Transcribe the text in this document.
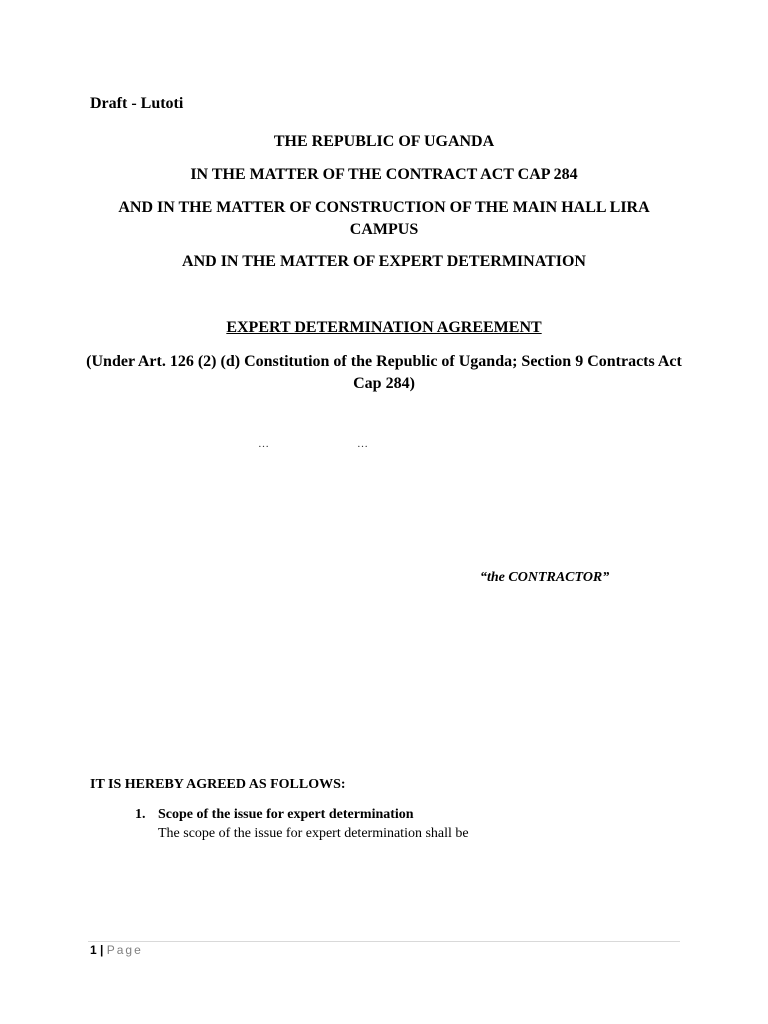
Draft - Lutoti
THE REPUBLIC OF UGANDA
IN THE MATTER OF THE CONTRACT ACT CAP 284
AND IN THE MATTER OF CONSTRUCTION OF THE MAIN HALL LIRA CAMPUS
AND IN THE MATTER OF EXPERT DETERMINATION
EXPERT DETERMINATION AGREEMENT
(Under Art. 126 (2) (d) Constitution of the Republic of Uganda; Section 9 Contracts Act Cap 284)
…	…
“the CONTRACTOR”
IT IS HEREBY AGREED AS FOLLOWS:
1. Scope of the issue for expert determination
The scope of the issue for expert determination shall be
1 | Page
